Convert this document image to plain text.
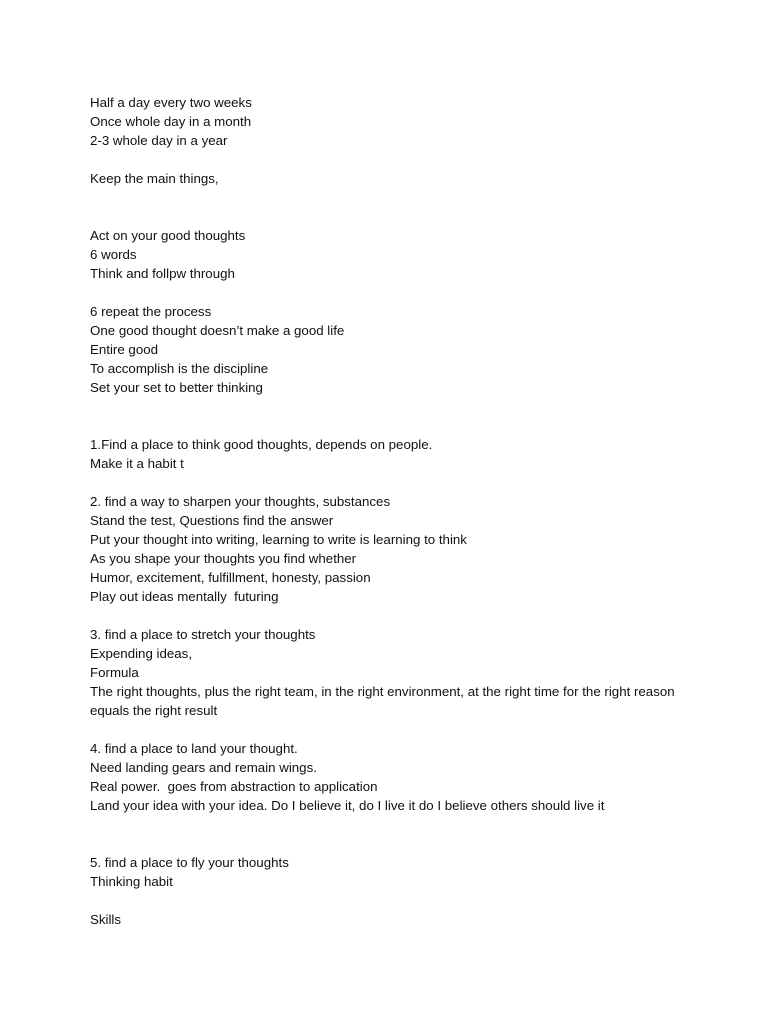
Half a day every two weeks
Once whole day in a month
2-3 whole day in a year
Keep the main things,
Act on your good thoughts
6 words
Think and follpw through
6 repeat the process
One good thought doesn’t make a good life
Entire good
To accomplish is the discipline
Set your set to better thinking
1.Find a place to think good thoughts, depends on people.
Make it a habit t
2. find a way to sharpen your thoughts, substances
Stand the test, Questions find the answer
Put your thought into writing, learning to write is learning to think
As you shape your thoughts you find whether
Humor, excitement, fulfillment, honesty, passion
Play out ideas mentally  futuring
3. find a place to stretch your thoughts
Expending ideas,
Formula
The right thoughts, plus the right team, in the right environment, at the right time for the right reason equals the right result
4. find a place to land your thought.
Need landing gears and remain wings.
Real power.  goes from abstraction to application
Land your idea with your idea. Do I believe it, do I live it do I believe others should live it
5. find a place to fly your thoughts
Thinking habit
Skills
